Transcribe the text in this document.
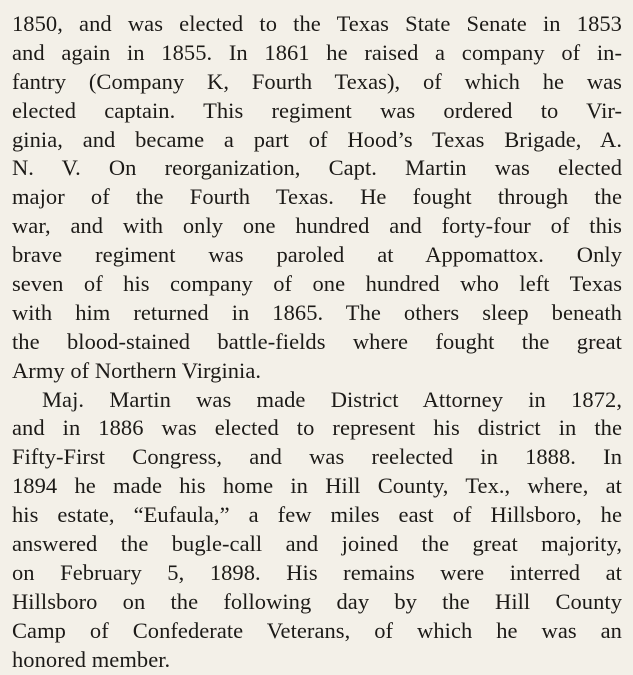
1850, and was elected to the Texas State Senate in 1853
and again in 1855. In 1861 he raised a company of in-
fantry (Company K, Fourth Texas), of which he was
elected captain. This regiment was ordered to Vir-
ginia, and became a part of Hood’s Texas Brigade, A.
N. V. On reorganization, Capt. Martin was elected
major of the Fourth Texas. He fought through the
war, and with only one hundred and forty-four of this
brave regiment was paroled at Appomattox. Only
seven of his company of one hundred who left Texas
with him returned in 1865. The others sleep beneath
the blood-stained battle-fields where fought the great
Army of Northern Virginia.
Maj. Martin was made District Attorney in 1872,
and in 1886 was elected to represent his district in the
Fifty-First Congress, and was reelected in 1888. In
1894 he made his home in Hill County, Tex., where, at
his estate, “Eufaula,” a few miles east of Hillsboro, he
answered the bugle-call and joined the great majority,
on February 5, 1898. His remains were interred at
Hillsboro on the following day by the Hill County
Camp of Confederate Veterans, of which he was an
honored member.
